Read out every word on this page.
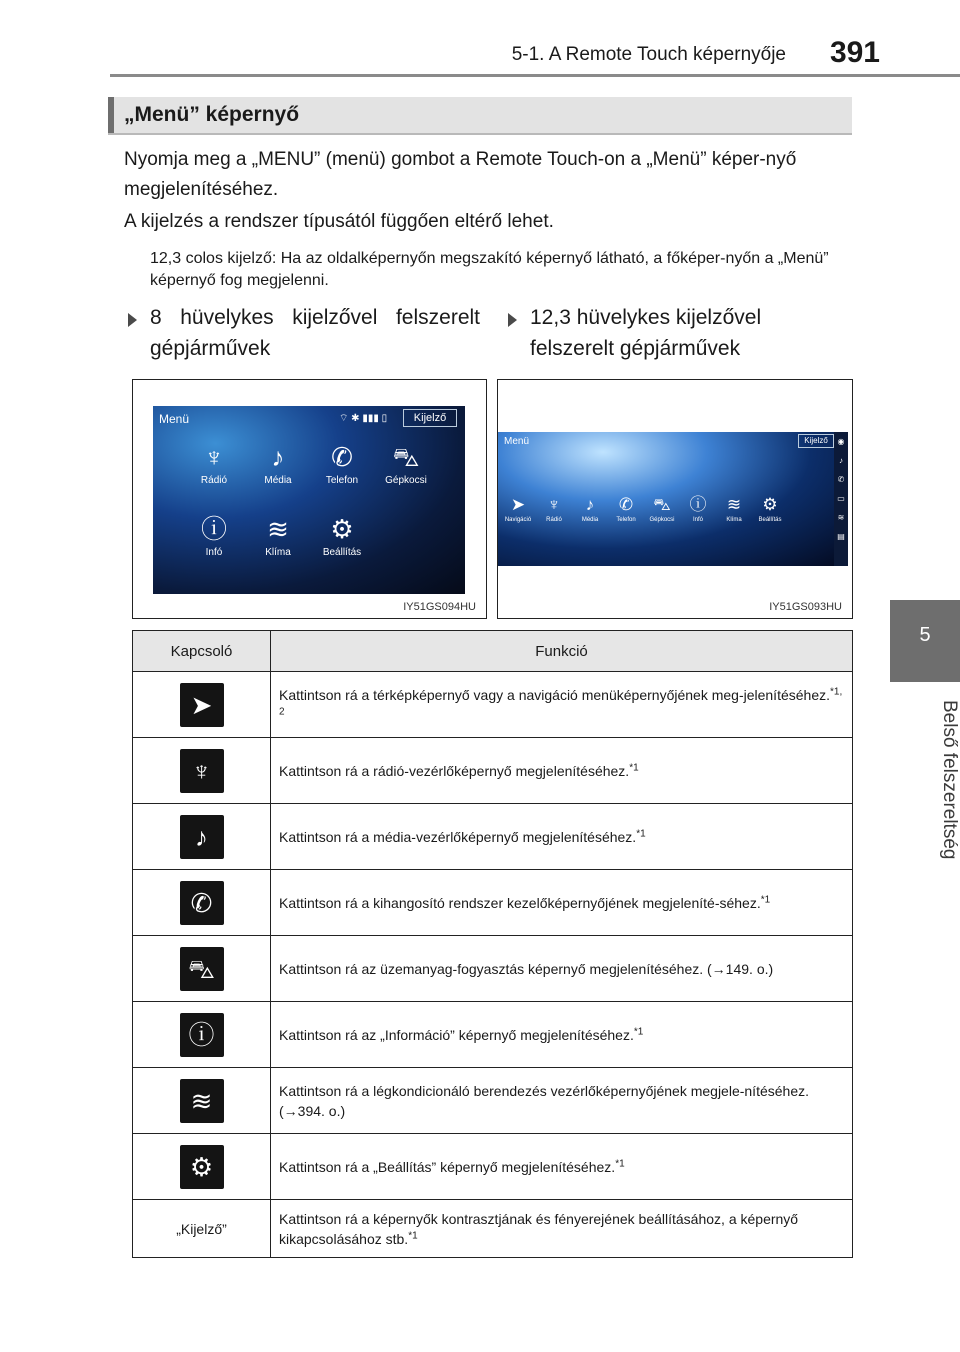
5-1. A Remote Touch képernyője	391
5
Belső felszereltség
„Menü” képernyő
Nyomja meg a „MENU” (menü) gombot a Remote Touch-on a „Menü” képer-nyő megjelenítéséhez.
A kijelzés a rendszer típusától függően eltérő lehet.
12,3 colos kijelző: Ha az oldalképernyőn megszakító képernyő látható, a főképer-nyőn a „Menü” képernyő fog megjelenni.
8 hüvelykes kijelzővel felszerelt gépjárművek
12,3 hüvelykes kijelzővel felszerelt gépjárművek
Menü	⌔ ✱ ▮▮▮ ▯	Kijelző
♆
Rádió
♪
Média
✆
Telefon
⛍
Gépkocsi
ⓘ
Infó
≋
Klíma
⚙
Beállítás
IY51GS094HU
Menü	Kijelző
➤
Navigáció
♆
Rádió
♪
Média
✆
Telefon
⛍
Gépkocsi
ⓘ
Infó
≋
Klíma
⚙
Beállítás
◉
♪
✆
▭
≋
▤
IY51GS093HU
Kapcsoló	Funkció
➤	Kattintson rá a térképképernyő vagy a navigáció menüképernyőjének meg-jelenítéséhez.$^{*1, 2}$
♆	Kattintson rá a rádió-vezérlőképernyő megjelenítéséhez.$^{*1}$
♪	Kattintson rá a média-vezérlőképernyő megjelenítéséhez.$^{*1}$
✆	Kattintson rá a kihangosító rendszer kezelőképernyőjének megjeleníté-séhez.$^{*1}$
⛍	Kattintson rá az üzemanyag-fogyasztás képernyő megjelenítéséhez. (→149. o.)
ⓘ	Kattintson rá az „Információ” képernyő megjelenítéséhez.$^{*1}$
≋	Kattintson rá a légkondicionáló berendezés vezérlőképernyőjének megjele-nítéséhez. (→394. o.)
⚙	Kattintson rá a „Beállítás” képernyő megjelenítéséhez.$^{*1}$
„Kijelző”	Kattintson rá a képernyők kontrasztjának és fényerejének beállításához, a képernyő kikapcsolásához stb.$^{*1}$
